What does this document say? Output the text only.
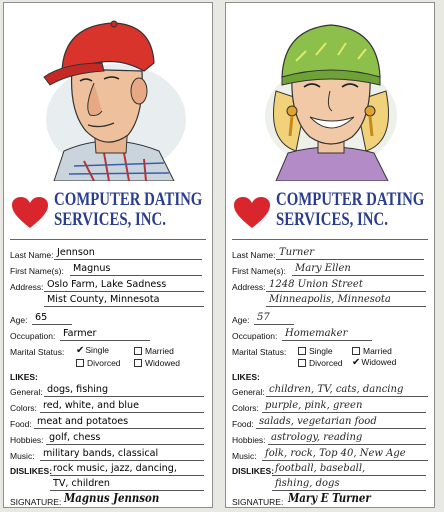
COMPUTER DATING
SERVICES, INC.
Last Name: Jennson
First Name(s): Magnus
Address: Oslo Farm, Lake Sadness
Mist County, Minnesota
Age: 65
Occupation: Farmer
Marital Status: ✔Single	Married
Divorced	Widowed
LIKES:
General: dogs, fishing
Colors: red, white, and blue
Food: meat and potatoes
Hobbies: golf, chess
Music: military bands, classical
DISLIKES: rock music, jazz, dancing,
TV, children
SIGNATURE: Magnus Jennson
COMPUTER DATING
SERVICES, INC.
Last Name: Turner
First Name(s): Mary Ellen
Address: 1248 Union Street
Minneapolis, Minnesota
Age: 57
Occupation: Homemaker
Marital Status:	Single	Married
Divorced ✔Widowed
LIKES:
General: children, TV, cats, dancing
Colors: purple, pink, green
Food: salads, vegetarian food
Hobbies: astrology, reading
Music: folk, rock, Top 40, New Age
DISLIKES: football, baseball,
fishing, dogs
SIGNATURE: Mary E Turner
